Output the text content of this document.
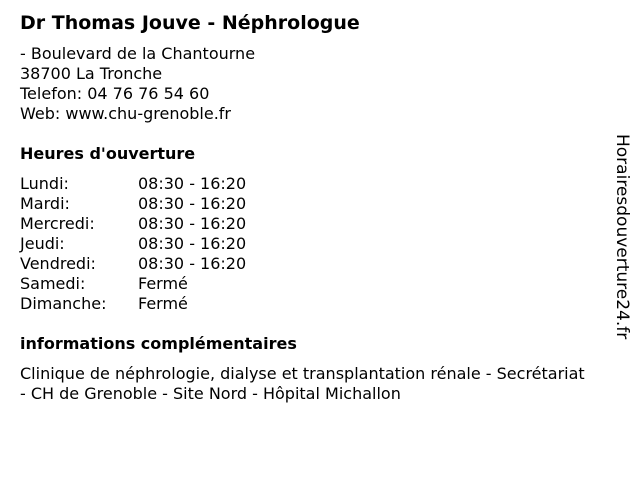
Dr Thomas Jouve - Néphrologue
- Boulevard de la Chantourne
38700 La Tronche
Telefon: 04 76 76 54 60
Web: www.chu-grenoble.fr
Heures d'ouverture
Lundi:	08:30 - 16:20
Mardi:	08:30 - 16:20
Mercredi:	08:30 - 16:20
Jeudi:	08:30 - 16:20
Vendredi:	08:30 - 16:20
Samedi:	Fermé
Dimanche:	Fermé
informations complémentaires
Clinique de néphrologie, dialyse et transplantation rénale - Secrétariat - CH de Grenoble - Site Nord - Hôpital Michallon
Horairesdouverture24.fr
